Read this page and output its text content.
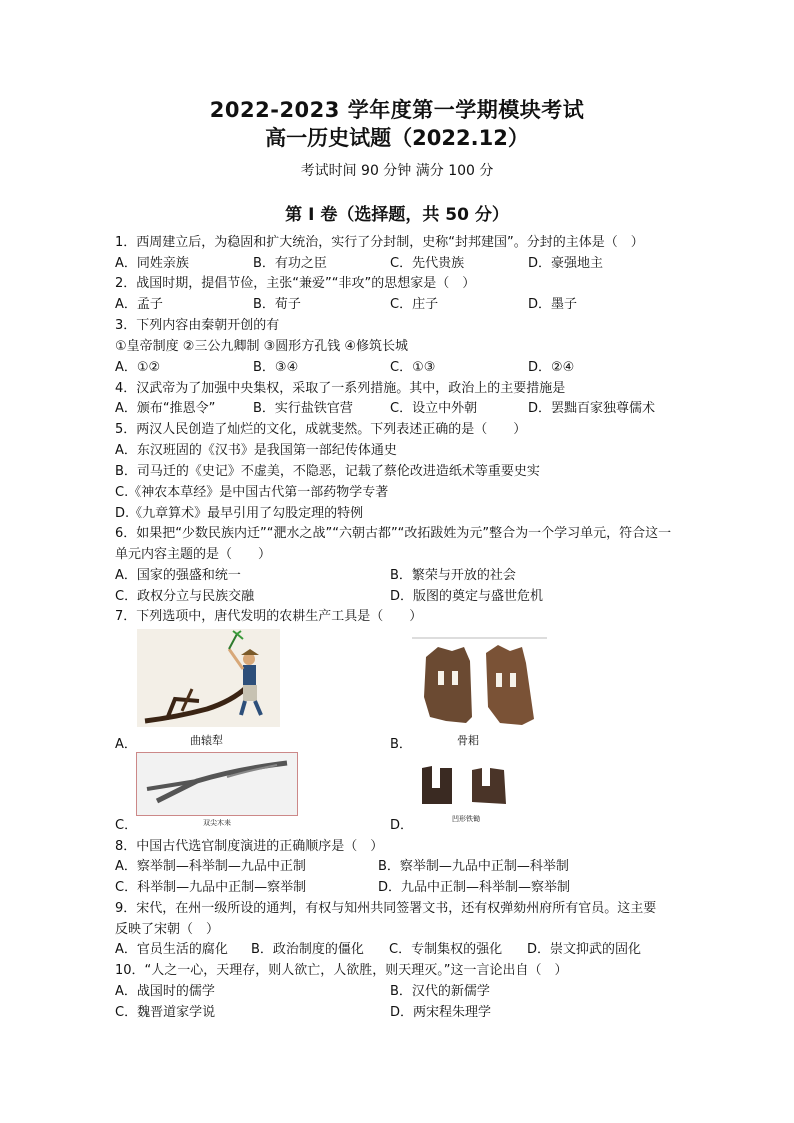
2022-2023 学年度第一学期模块考试
高一历史试题（2022.12）
考试时间 90 分钟 满分 100 分
第 I 卷（选择题，共 50 分）
1．西周建立后，为稳固和扩大统治，实行了分封制，史称“封邦建国”。分封的主体是（　）
A．同姓亲族	B．有功之臣	C．先代贵族	D．豪强地主
2．战国时期，提倡节俭，主张“兼爱”“非攻”的思想家是（　）
A．孟子	B．荀子	C．庄子	D．墨子
3．下列内容由秦朝开创的有
①皇帝制度 ②三公九卿制 ③圆形方孔钱 ④修筑长城
A．①②	B．③④	C．①③	D．②④
4．汉武帝为了加强中央集权，采取了一系列措施。其中，政治上的主要措施是
A．颁布“推恩令”	B．实行盐铁官营	C．设立中外朝	D．罢黜百家独尊儒术
5．两汉人民创造了灿烂的文化，成就斐然。下列表述正确的是（　　）
A．东汉班固的《汉书》是我国第一部纪传体通史
B．司马迁的《史记》不虚美，不隐恶，记载了蔡伦改进造纸术等重要史实
C.《神农本草经》是中国古代第一部药物学专著
D.《九章算术》最早引用了勾股定理的特例
6．如果把“少数民族内迁”“淝水之战”“六朝古都”“改拓跋姓为元”整合为一个学习单元，符合这一
单元内容主题的是（　　）
A．国家的强盛和统一	B．繁荣与开放的社会
C．政权分立与民族交融	D．版图的奠定与盛世危机
7．下列选项中，唐代发明的农耕生产工具是（　　）
曲辕犁
A．	骨耜
B．
双尖木耒
C．	凹形铁锄
D．
8．中国古代选官制度演进的正确顺序是（　）
A．察举制—科举制—九品中正制	B．察举制—九品中正制—科举制
C．科举制—九品中正制—察举制	D．九品中正制—科举制—察举制
9．宋代，在州一级所设的通判，有权与知州共同签署文书，还有权弹劾州府所有官员。这主要
反映了宋朝（　）
A．官员生活的腐化 B．政治制度的僵化 C．专制集权的强化 D．崇文抑武的固化
10．“人之一心，天理存，则人欲亡，人欲胜，则天理灭。”这一言论出自（　）
A．战国时的儒学	B．汉代的新儒学
C．魏晋道家学说	D．两宋程朱理学
